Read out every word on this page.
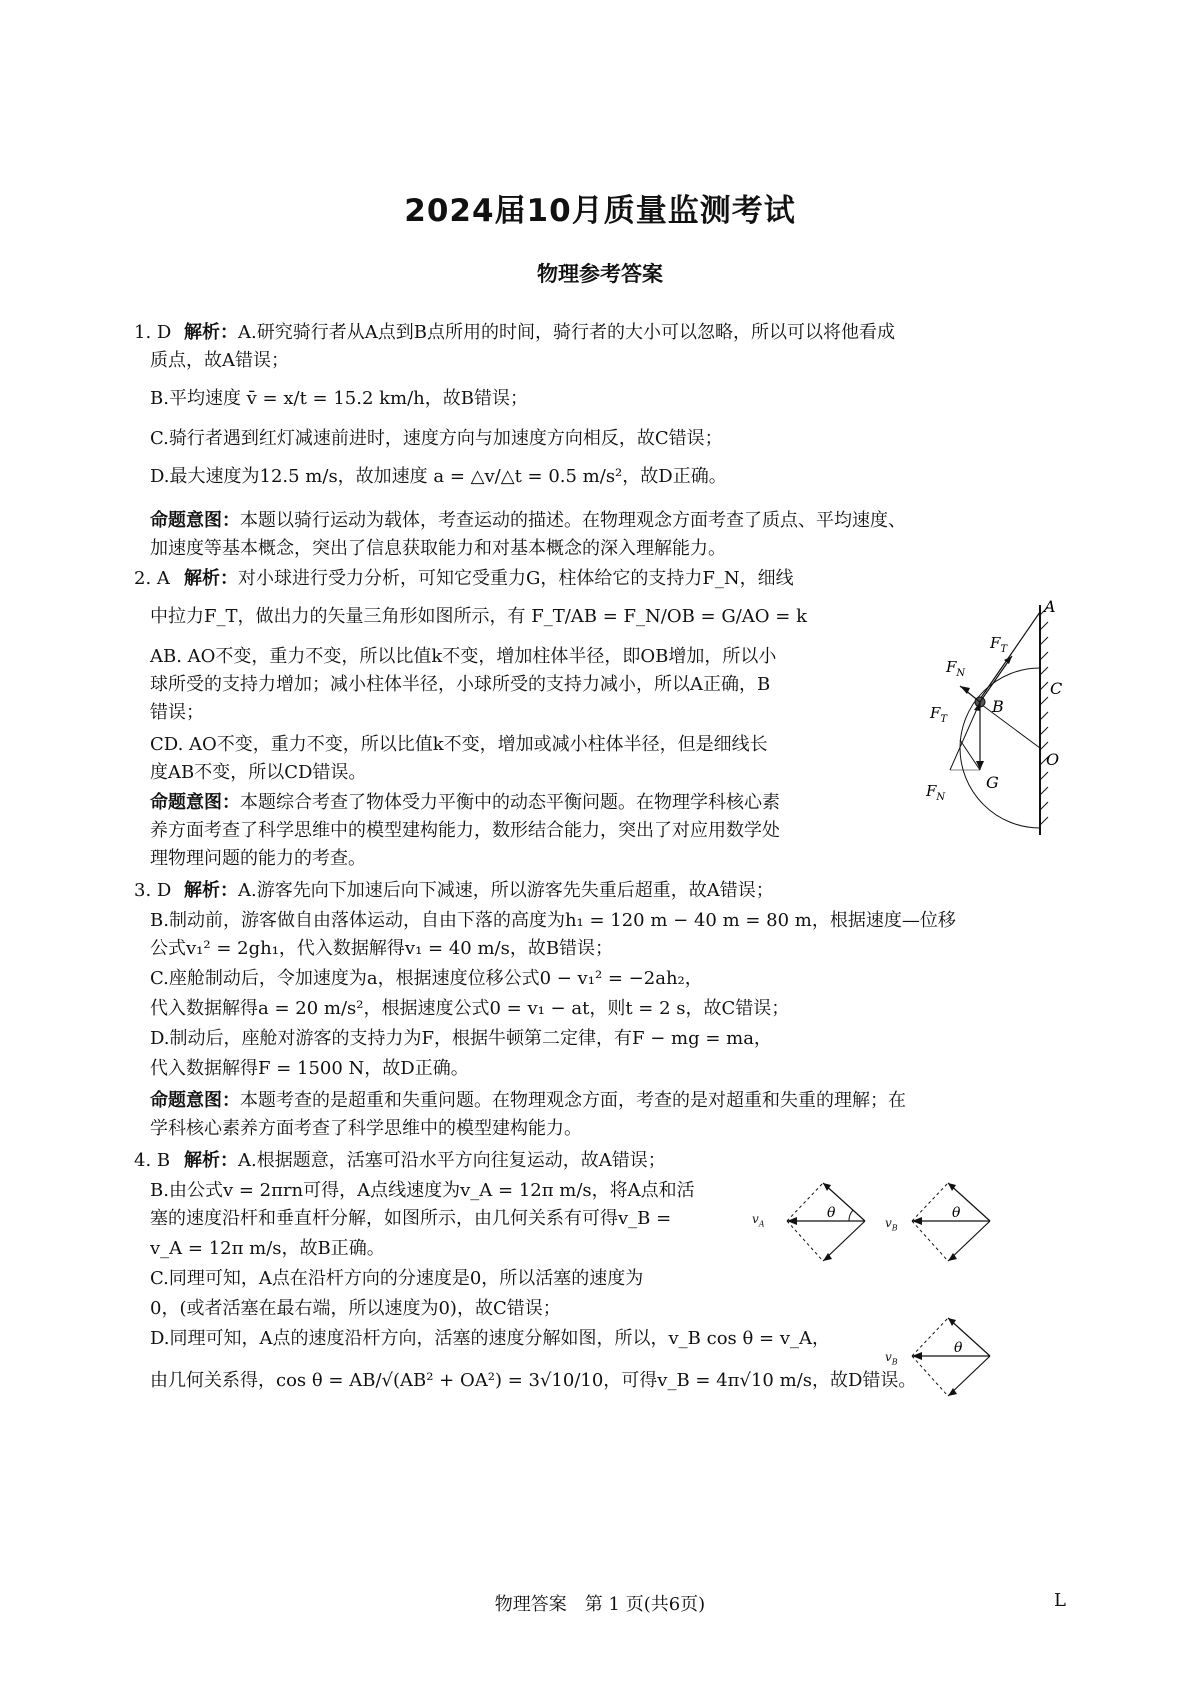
2024届10月质量监测考试
物理参考答案
1. D 解析：A.研究骑行者从A点到B点所用的时间，骑行者的大小可以忽略，所以可以将他看成
质点，故A错误；
B.平均速度 v̄ = x/t = 15.2 km/h，故B错误；
C.骑行者遇到红灯减速前进时，速度方向与加速度方向相反，故C错误；
D.最大速度为12.5 m/s，故加速度 a = △v/△t = 0.5 m/s²，故D正确。
命题意图：本题以骑行运动为载体，考查运动的描述。在物理观念方面考查了质点、平均速度、
加速度等基本概念，突出了信息获取能力和对基本概念的深入理解能力。
2. A 解析：对小球进行受力分析，可知它受重力G，柱体给它的支持力F_N，细线
中拉力F_T，做出力的矢量三角形如图所示，有 F_T/AB = F_N/OB = G/AO = k
AB. AO不变，重力不变，所以比值k不变，增加柱体半径，即OB增加，所以小
球所受的支持力增加；减小柱体半径，小球所受的支持力减小，所以A正确，B
错误；
CD. AO不变，重力不变，所以比值k不变，增加或减小柱体半径，但是细线长
度AB不变，所以CD错误。
命题意图：本题综合考查了物体受力平衡中的动态平衡问题。在物理学科核心素
养方面考查了科学思维中的模型建构能力，数形结合能力，突出了对应用数学处
理物理问题的能力的考查。
A
C
O
B
G
$F_T$
$F_N$
$F_T$
$F_N$
3. D 解析：A.游客先向下加速后向下减速，所以游客先失重后超重，故A错误；
B.制动前，游客做自由落体运动，自由下落的高度为h₁ = 120 m − 40 m = 80 m，根据速度—位移
公式v₁² = 2gh₁，代入数据解得v₁ = 40 m/s，故B错误；
C.座舱制动后，令加速度为a，根据速度位移公式0 − v₁² = −2ah₂，
代入数据解得a = 20 m/s²，根据速度公式0 = v₁ − at，则t = 2 s，故C错误；
D.制动后，座舱对游客的支持力为F，根据牛顿第二定律，有F − mg = ma，
代入数据解得F = 1500 N，故D正确。
命题意图：本题考查的是超重和失重问题。在物理观念方面，考查的是对超重和失重的理解；在
学科核心素养方面考查了科学思维中的模型建构能力。
4. B 解析：A.根据题意，活塞可沿水平方向往复运动，故A错误；
B.由公式v = 2πrn可得，A点线速度为v_A = 12π m/s，将A点和活
塞的速度沿杆和垂直杆分解，如图所示，由几何关系有可得v_B =
v_A = 12π m/s，故B正确。
C.同理可知，A点在沿杆方向的分速度是0，所以活塞的速度为
0，(或者活塞在最右端，所以速度为0)，故C错误；
D.同理可知，A点的速度沿杆方向，活塞的速度分解如图，所以，v_B cos θ = v_A，
由几何关系得，cos θ = AB/√(AB² + OA²) = 3√10/10，可得v_B = 4π√10 m/s，故D错误。
θ
$v_A$
θ
$v_B$
θ
$v_B$
物理答案　第 1 页(共6页)	L
